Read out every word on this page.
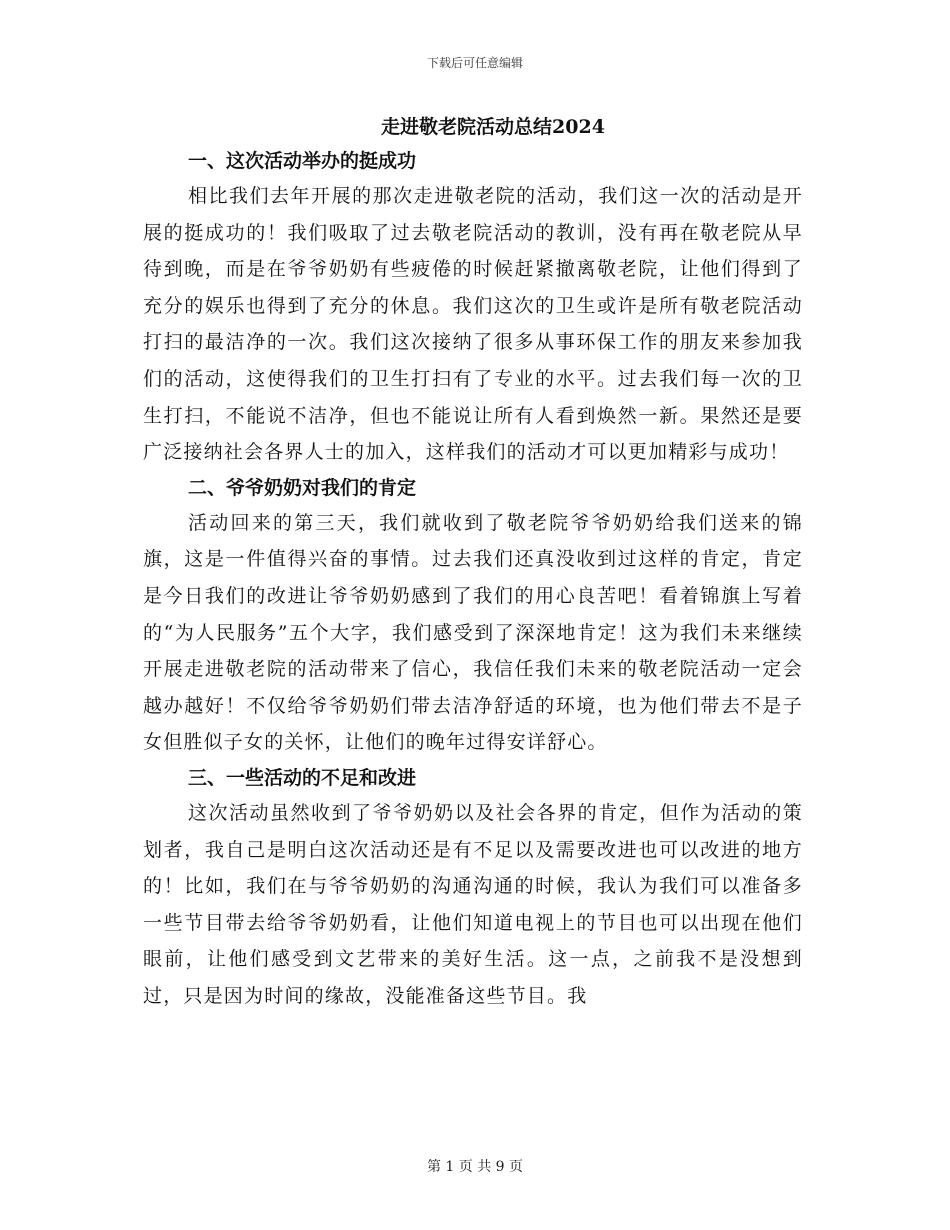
下载后可任意编辑
走进敬老院活动总结2024
一、这次活动举办的挺成功

相比我们去年开展的那次走进敬老院的活动，我们这一次的活动是开展的挺成功的！我们吸取了过去敬老院活动的教训，没有再在敬老院从早待到晚，而是在爷爷奶奶有些疲倦的时候赶紧撤离敬老院，让他们得到了充分的娱乐也得到了充分的休息。我们这次的卫生或许是所有敬老院活动打扫的最洁净的一次。我们这次接纳了很多从事环保工作的朋友来参加我们的活动，这使得我们的卫生打扫有了专业的水平。过去我们每一次的卫生打扫，不能说不洁净，但也不能说让所有人看到焕然一新。果然还是要广泛接纳社会各界人士的加入，这样我们的活动才可以更加精彩与成功！

二、爷爷奶奶对我们的肯定

活动回来的第三天，我们就收到了敬老院爷爷奶奶给我们送来的锦旗，这是一件值得兴奋的事情。过去我们还真没收到过这样的肯定，肯定是今日我们的改进让爷爷奶奶感到了我们的用心良苦吧！看着锦旗上写着的“为人民服务”五个大字，我们感受到了深深地肯定！这为我们未来继续开展走进敬老院的活动带来了信心，我信任我们未来的敬老院活动一定会越办越好！不仅给爷爷奶奶们带去洁净舒适的环境，也为他们带去不是子女但胜似子女的关怀，让他们的晚年过得安详舒心。

三、一些活动的不足和改进

这次活动虽然收到了爷爷奶奶以及社会各界的肯定，但作为活动的策划者，我自己是明白这次活动还是有不足以及需要改进也可以改进的地方的！比如，我们在与爷爷奶奶的沟通沟通的时候，我认为我们可以准备多一些节目带去给爷爷奶奶看，让他们知道电视上的节目也可以出现在他们眼前，让他们感受到文艺带来的美好生活。这一点，之前我不是没想到过，只是因为时间的缘故，没能准备这些节目。我

第 1 页 共 9 页
